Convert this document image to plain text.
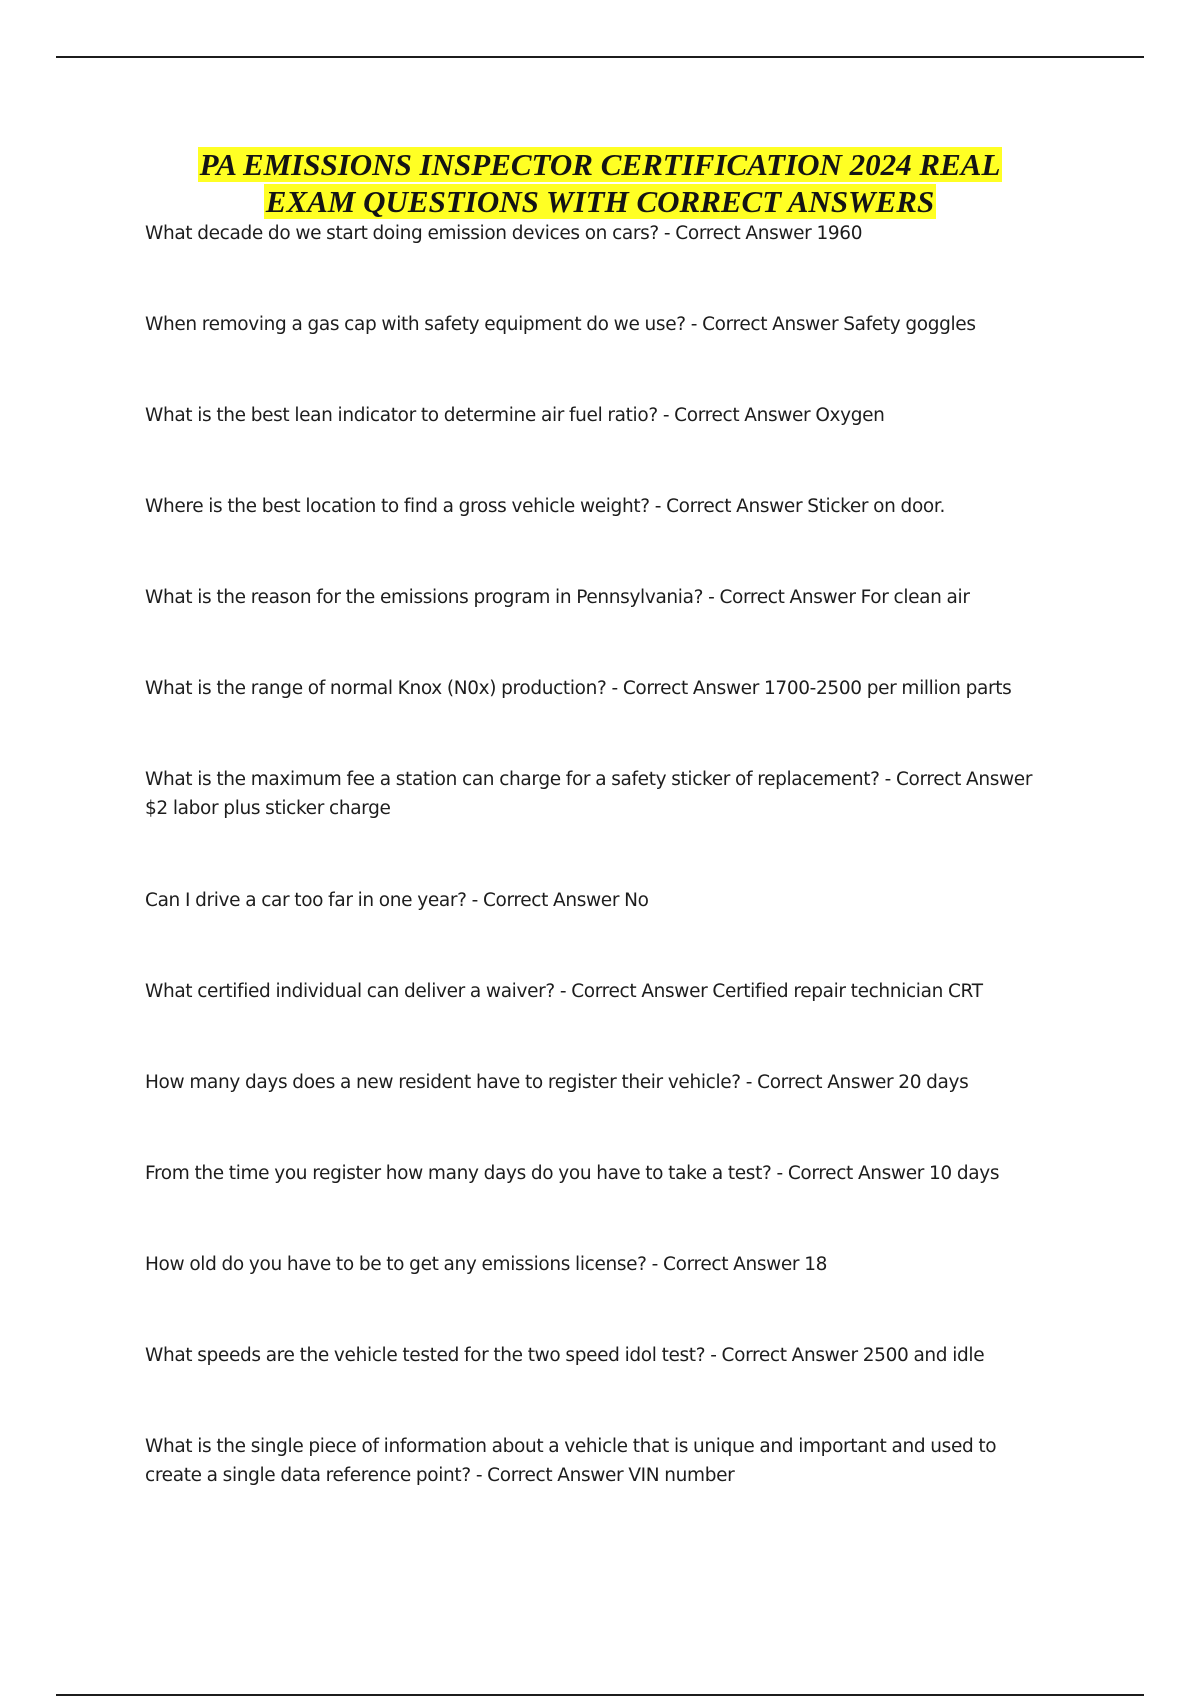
PA EMISSIONS INSPECTOR CERTIFICATION 2024 REAL
EXAM QUESTIONS WITH CORRECT ANSWERS

What decade do we start doing emission devices on cars? - Correct Answer 1960

When removing a gas cap with safety equipment do we use? - Correct Answer Safety goggles

What is the best lean indicator to determine air fuel ratio? - Correct Answer Oxygen

Where is the best location to find a gross vehicle weight? - Correct Answer Sticker on door.

What is the reason for the emissions program in Pennsylvania? - Correct Answer For clean air

What is the range of normal Knox (N0x) production? - Correct Answer 1700-2500 per million parts

What is the maximum fee a station can charge for a safety sticker of replacement? - Correct Answer $2 labor plus sticker charge

Can I drive a car too far in one year? - Correct Answer No

What certified individual can deliver a waiver? - Correct Answer Certified repair technician CRT

How many days does a new resident have to register their vehicle? - Correct Answer 20 days

From the time you register how many days do you have to take a test? - Correct Answer 10 days

How old do you have to be to get any emissions license? - Correct Answer 18

What speeds are the vehicle tested for the two speed idol test? - Correct Answer 2500 and idle

What is the single piece of information about a vehicle that is unique and important and used to create a single data reference point? - Correct Answer VIN number
